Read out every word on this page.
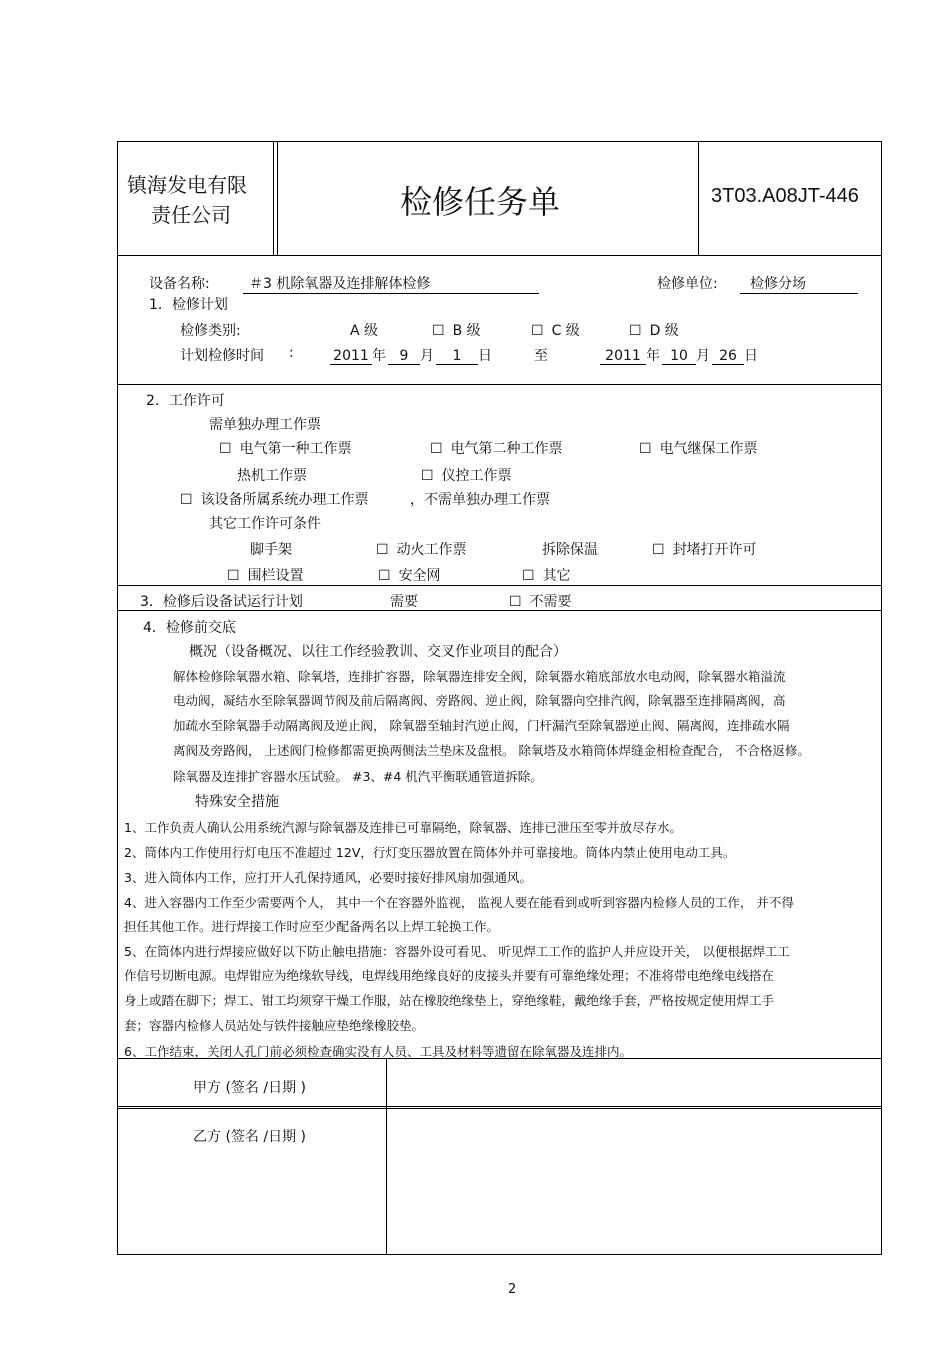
镇海发电有限
责任公司	检修任务单	3T03.A08JT-446
设备名称:	＃3 机除氧器及连排解体检修	检修单位:	检修分场
1．检修计划
检修类别:	A 级	☐ B 级	☐ C 级	☐ D 级
计划检修时间 :	2011 年 9 月 1 日	至	2011 年 10 月 26 日
2．工作许可
需单独办理工作票
☐ 电气第一种工作票	☐ 电气第二种工作票	☐ 电气继保工作票
热机工作票	☐ 仪控工作票
☐ 该设备所属系统办理工作票	，不需单独办理工作票
其它工作许可条件
脚手架	☐ 动火工作票	拆除保温	☐ 封堵打开许可
☐ 围栏设置	☐ 安全网	☐ 其它
3．检修后设备试运行计划	需要	☐ 不需要
4．检修前交底
概况（设备概况、以往工作经验教训、交叉作业项目的配合）
解体检修除氧器水箱、除氧塔，连排扩容器，除氧器连排安全阀，除氧器水箱底部放水电动阀，除氧器水箱溢流
电动阀，凝结水至除氧器调节阀及前后隔离阀、旁路阀、逆止阀，除氧器向空排汽阀，除氧器至连排隔离阀，高
加疏水至除氧器手动隔离阀及逆止阀， 除氧器至轴封汽逆止阀，门杆漏汽至除氧器逆止阀、隔离阀，连排疏水隔
离阀及旁路阀， 上述阀门检修都需更换两侧法兰垫床及盘根。 除氧塔及水箱筒体焊缝金相检查配合， 不合格返修。
除氧器及连排扩容器水压试验。 #3、#4 机汽平衡联通管道拆除。
特殊安全措施
1、工作负责人确认公用系统汽源与除氧器及连排已可靠隔绝，除氧器、连排已泄压至零并放尽存水。
2、筒体内工作使用行灯电压不准超过 12V，行灯变压器放置在筒体外并可靠接地。筒体内禁止使用电动工具。
3、进入筒体内工作，应打开人孔保持通风，必要时接好排风扇加强通风。
4、进入容器内工作至少需要两个人， 其中一个在容器外监视， 监视人要在能看到或听到容器内检修人员的工作， 并不得
担任其他工作。进行焊接工作时应至少配备两名以上焊工轮换工作。
5、在筒体内进行焊接应做好以下防止触电措施：容器外设可看见、 听见焊工工作的监护人并应设开关， 以便根据焊工工
作信号切断电源。电焊钳应为绝缘软导线，电焊线用绝缘良好的皮接头并要有可靠绝缘处理；不准将带电绝缘电线搭在
身上或踏在脚下；焊工、钳工均须穿干燥工作服，站在橡胶绝缘垫上，穿绝缘鞋，戴绝缘手套，严格按规定使用焊工手
套；容器内检修人员站处与铁件接触应垫绝缘橡胶垫。
6、工作结束，关闭人孔门前必须检查确实没有人员、工具及材料等遗留在除氧器及连排内。
甲方 (签名 /日期 )
乙方 (签名 /日期 )
2
